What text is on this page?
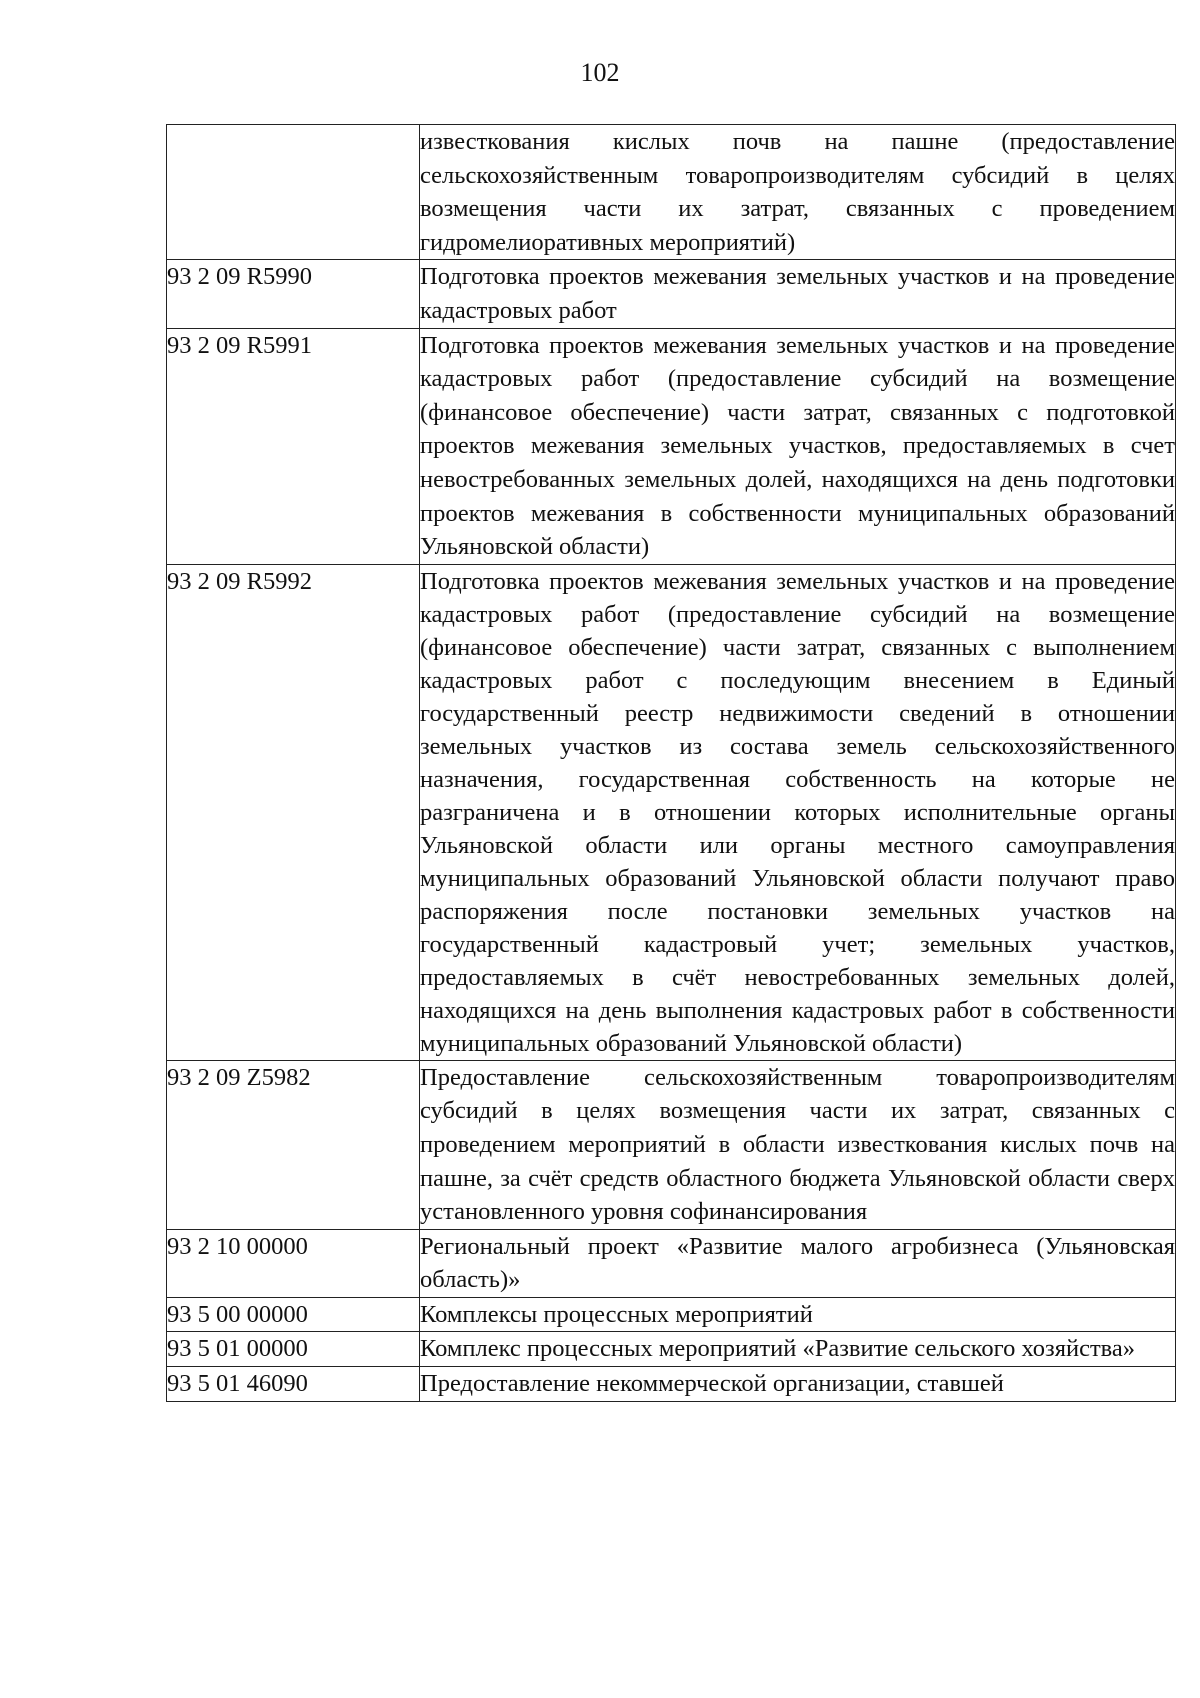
102
	известкования кислых почв на пашне (предоставление сельскохозяйственным товаропроизводителям субсидий в целях возмещения части их затрат, связанных с проведением гидромелиоративных мероприятий)
93 2 09 R5990	Подготовка проектов межевания земельных участков и на проведение кадастровых работ
93 2 09 R5991	Подготовка проектов межевания земельных участков и на проведение кадастровых работ (предоставление субсидий на возмещение (финансовое обеспечение) части затрат, связанных с подготовкой проектов межевания земельных участков, предоставляемых в счет невостребованных земельных долей, находящихся на день подготовки проектов межевания в собственности муниципальных образований Ульяновской области)
93 2 09 R5992	Подготовка проектов межевания земельных участков и на проведение кадастровых работ (предоставление субсидий на возмещение (финансовое обеспечение) части затрат, связанных с выполнением кадастровых работ с последующим внесением в Единый государственный реестр недвижимости сведений в отношении земельных участков из состава земель сельскохозяйственного назначения, государственная собственность на которые не разграничена и в отношении которых исполнительные органы Ульяновской области или органы местного самоуправления муниципальных образований Ульяновской области получают право распоряжения после постановки земельных участков на государственный кадастровый учет; земельных участков, предоставляемых в счёт невостребованных земельных долей, находящихся на день выполнения кадастровых работ в собственности муниципальных образований Ульяновской области)
93 2 09 Z5982	Предоставление сельскохозяйственным товаропроизводителям субсидий в целях возмещения части их затрат, связанных с проведением мероприятий в области известкования кислых почв на пашне, за счёт средств областного бюджета Ульяновской области сверх установленного уровня софинансирования
93 2 10 00000	Региональный проект «Развитие малого агробизнеса (Ульяновская область)»
93 5 00 00000	Комплексы процессных мероприятий
93 5 01 00000	Комплекс процессных мероприятий «Развитие сельского хозяйства»
93 5 01 46090	Предоставление некоммерческой организации, ставшей
